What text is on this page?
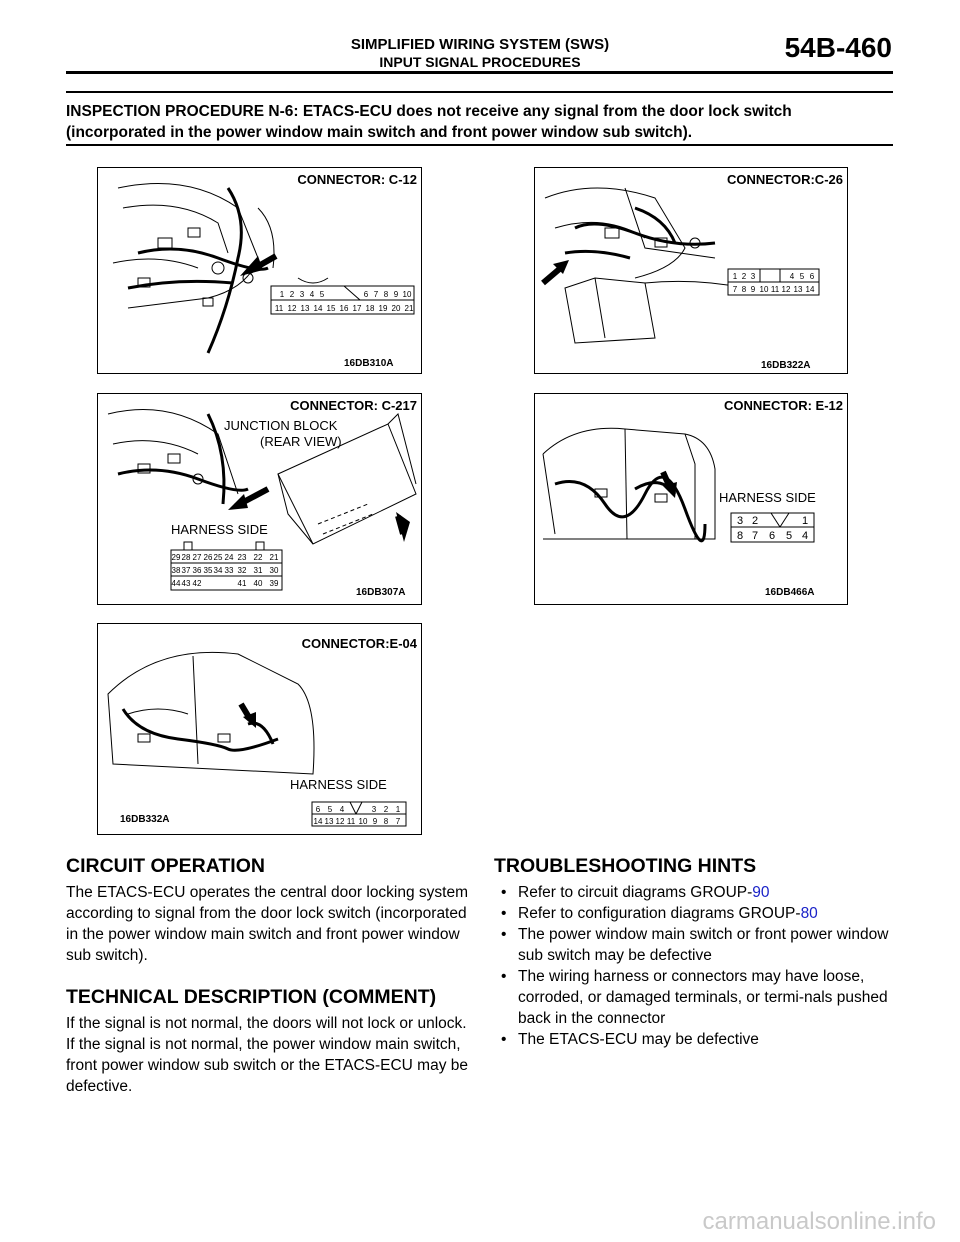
SIMPLIFIED WIRING SYSTEM (SWS)
INPUT SIGNAL PROCEDURES	54B-460
INSPECTION PROCEDURE N-6: ETACS-ECU does not receive any signal from the door lock switch (incorporated in the power window main switch and front power window sub switch).
1 2 3 4 5	6 7 8 9 10
11 12 13 14 15 16 17 18 19 20 21
CONNECTOR: C-12
16DB310A
1 2 3	4 5 6
7 8 9 10 11 12 13 14
CONNECTOR:C-26
16DB322A
29 28 27 26 25 24 23 22 21
38 37 36 35 34 33 32 31 30
44 43 42	41 40 39
CONNECTOR: C-217
JUNCTION BLOCK
(REAR VIEW)
HARNESS SIDE
16DB307A
3 2	1
8 7 6 5 4
CONNECTOR: E-12
HARNESS SIDE
16DB466A
6 5 4	3 2 1
14 13 12 11 10 9 8 7
CONNECTOR:E-04
HARNESS SIDE
16DB332A
CIRCUIT OPERATION
The ETACS-ECU operates the central door locking system according to signal from the door lock switch (incorporated in the power window main switch and front power window sub switch).
TECHNICAL DESCRIPTION (COMMENT)
If the signal is not normal, the doors will not lock or unlock. If the signal is not normal, the power window main switch, front power window sub switch or the ETACS-ECU may be defective.
TROUBLESHOOTING HINTS
• Refer to circuit diagrams GROUP-90
• Refer to configuration diagrams GROUP-80
• The power window main switch or front power window sub switch may be defective
• The wiring harness or connectors may have loose, corroded, or damaged terminals, or termi-nals pushed back in the connector
• The ETACS-ECU may be defective
carmanualsonline.info
